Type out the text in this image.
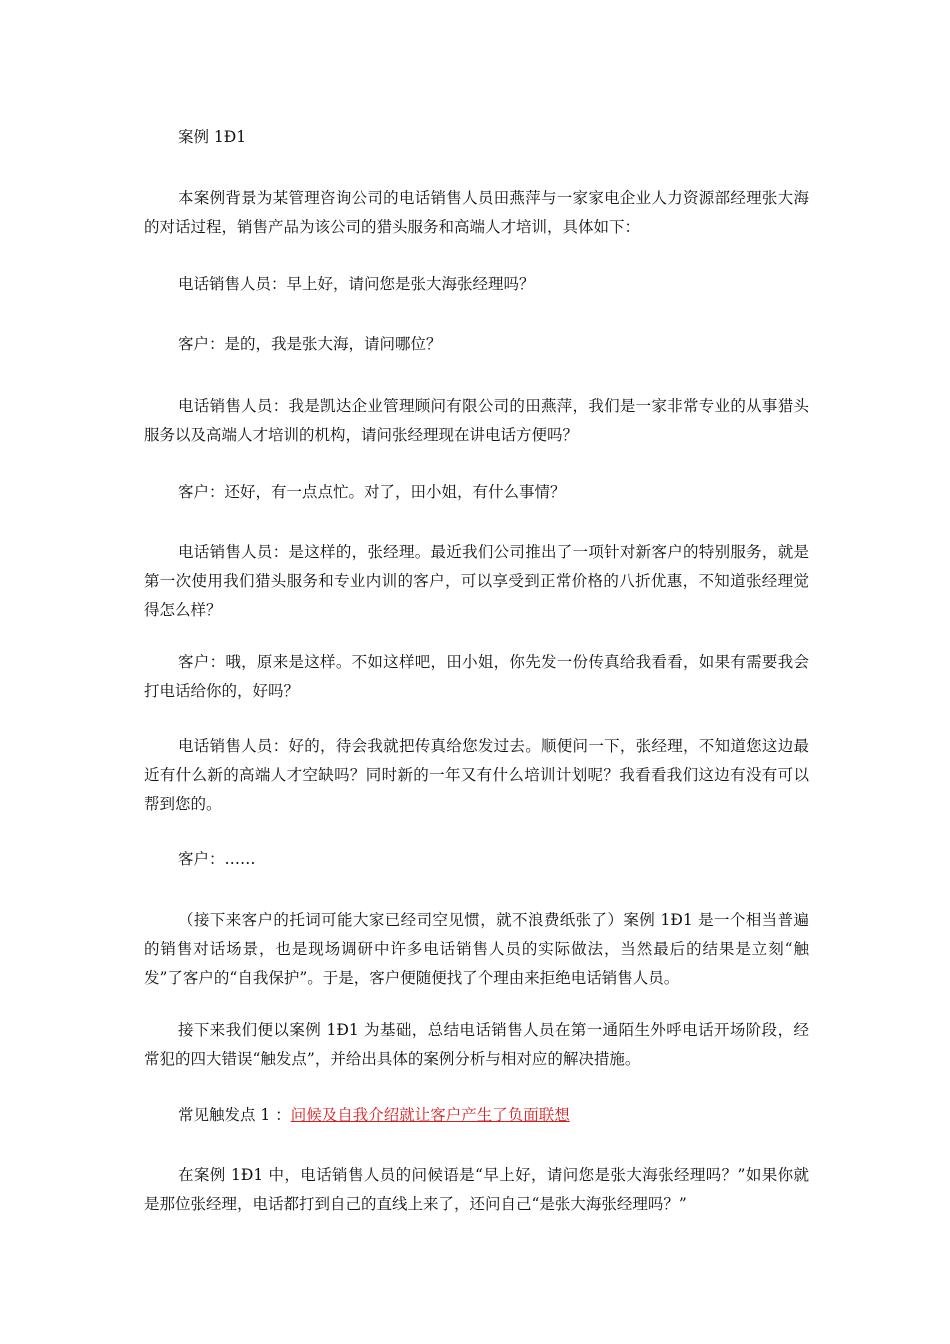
案例 1Ð1

本案例背景为某管理咨询公司的电话销售人员田燕萍与一家家电企业人力资源部经理张大海的对话过程，销售产品为该公司的猎头服务和高端人才培训，具体如下：

电话销售人员：早上好，请问您是张大海张经理吗？

客户：是的，我是张大海，请问哪位？

电话销售人员：我是凯达企业管理顾问有限公司的田燕萍，我们是一家非常专业的从事猎头服务以及高端人才培训的机构，请问张经理现在讲电话方便吗？

客户：还好，有一点点忙。对了，田小姐，有什么事情？

电话销售人员：是这样的，张经理。最近我们公司推出了一项针对新客户的特别服务，就是第一次使用我们猎头服务和专业内训的客户，可以享受到正常价格的八折优惠，不知道张经理觉得怎么样？

客户：哦，原来是这样。不如这样吧，田小姐，你先发一份传真给我看看，如果有需要我会打电话给你的，好吗？

电话销售人员：好的，待会我就把传真给您发过去。顺便问一下，张经理，不知道您这边最近有什么新的高端人才空缺吗？同时新的一年又有什么培训计划呢？我看看我们这边有没有可以帮到您的。

客户：……

（接下来客户的托词可能大家已经司空见惯，就不浪费纸张了）案例 1Ð1 是一个相当普遍的销售对话场景，也是现场调研中许多电话销售人员的实际做法，当然最后的结果是立刻“触发”了客户的“自我保护”。于是，客户便随便找了个理由来拒绝电话销售人员。

接下来我们便以案例 1Ð1 为基础，总结电话销售人员在第一通陌生外呼电话开场阶段，经常犯的四大错误“触发点”，并给出具体的案例分析与相对应的解决措施。

常见触发点 1 ：问候及自我介绍就让客户产生了负面联想

在案例 1Ð1 中，电话销售人员的问候语是“早上好，请问您是张大海张经理吗？”如果你就是那位张经理，电话都打到自己的直线上来了，还问自己“是张大海张经理吗？”
